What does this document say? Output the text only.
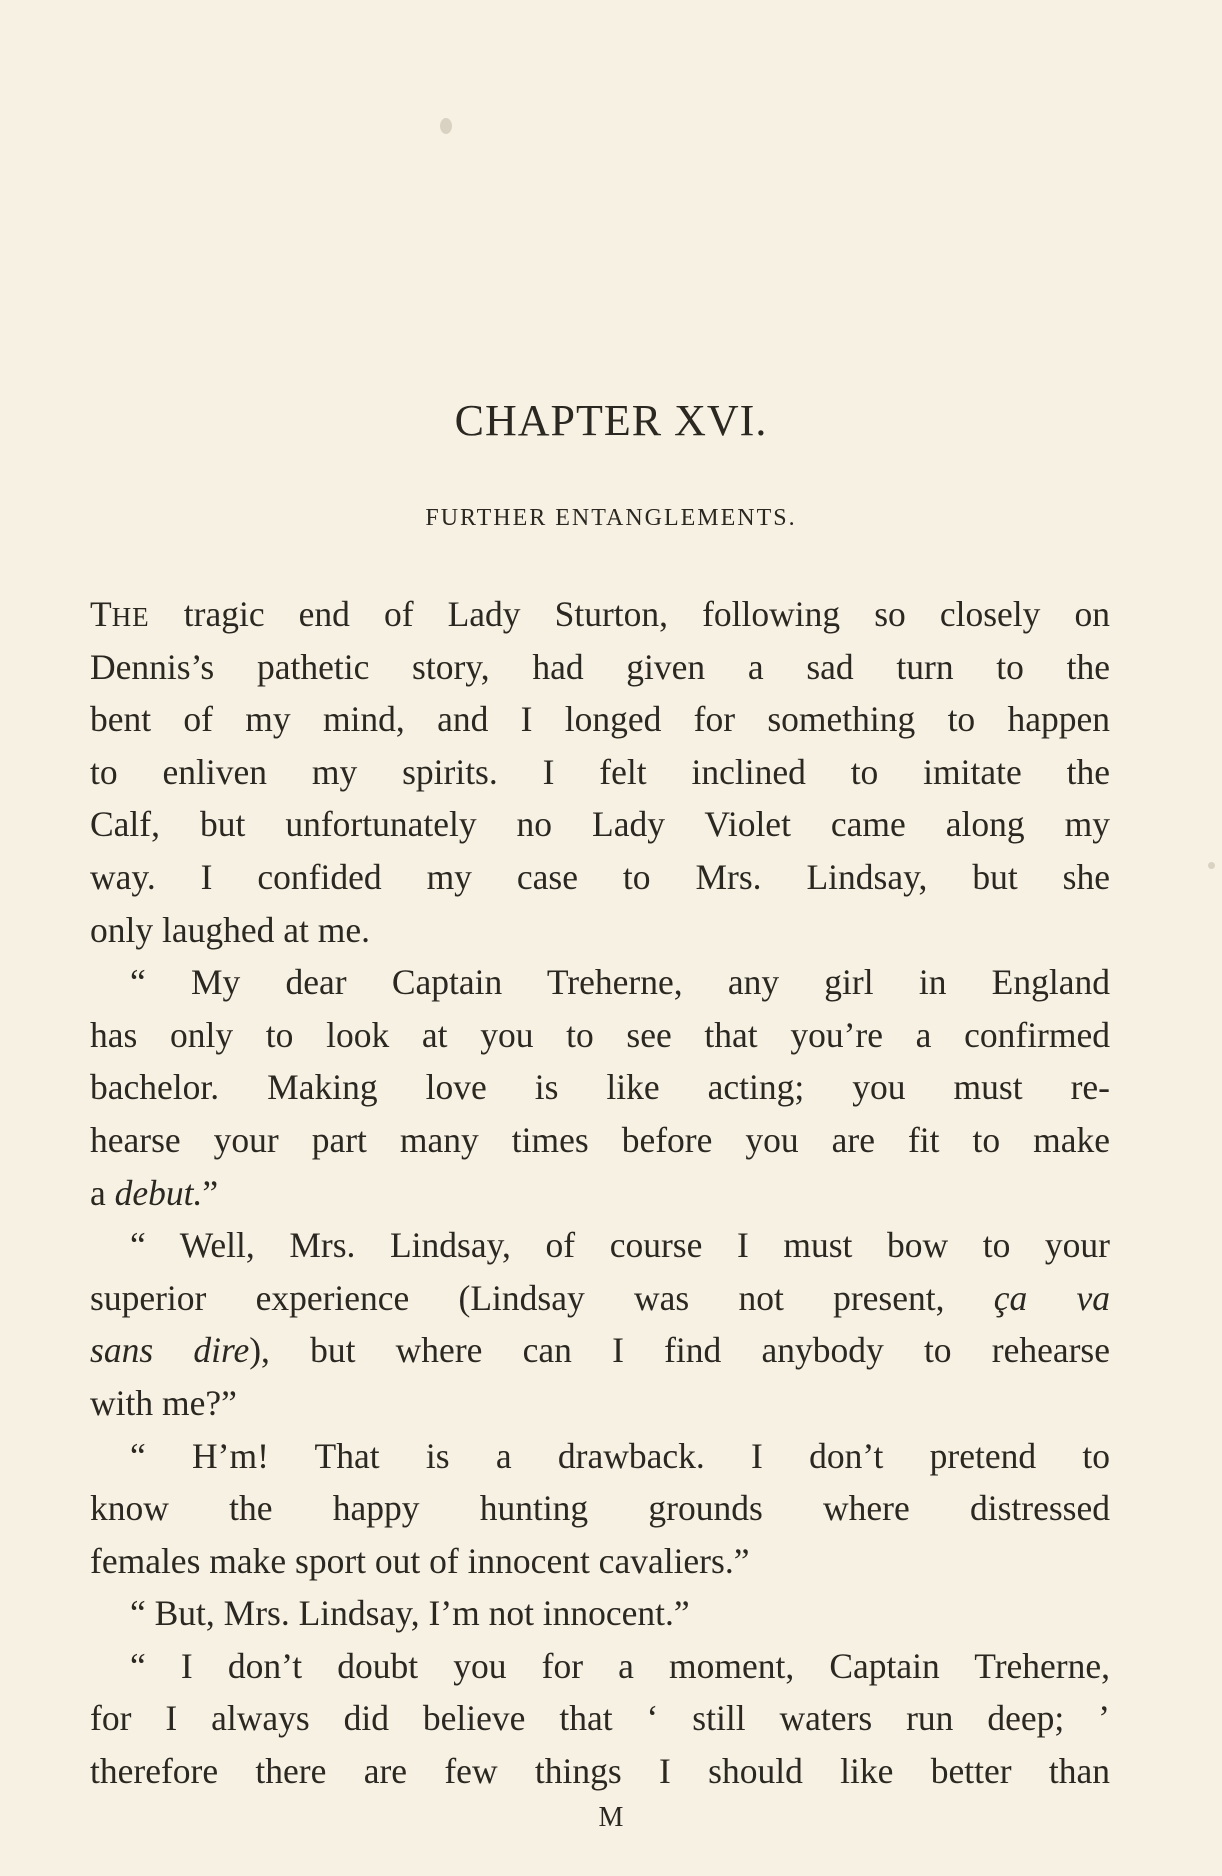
CHAPTER XVI.
FURTHER ENTANGLEMENTS.
THE tragic end of Lady Sturton, following so closely on
Dennis’s pathetic story, had given a sad turn to the
bent of my mind, and I longed for something to happen
to enliven my spirits. I felt inclined to imitate the
Calf, but unfortunately no Lady Violet came along my
way. I confided my case to Mrs. Lindsay, but she
only laughed at me.
“ My dear Captain Treherne, any girl in England
has only to look at you to see that you’re a confirmed
bachelor. Making love is like acting; you must re-
hearse your part many times before you are fit to make
a debut.”
“ Well, Mrs. Lindsay, of course I must bow to your
superior experience (Lindsay was not present, ça va
sans dire), but where can I find anybody to rehearse
with me?”
“ H’m! That is a drawback. I don’t pretend to
know the happy hunting grounds where distressed
females make sport out of innocent cavaliers.”
“ But, Mrs. Lindsay, I’m not innocent.”
“ I don’t doubt you for a moment, Captain Treherne,
for I always did believe that ‘ still waters run deep; ’
therefore there are few things I should like better than
M
